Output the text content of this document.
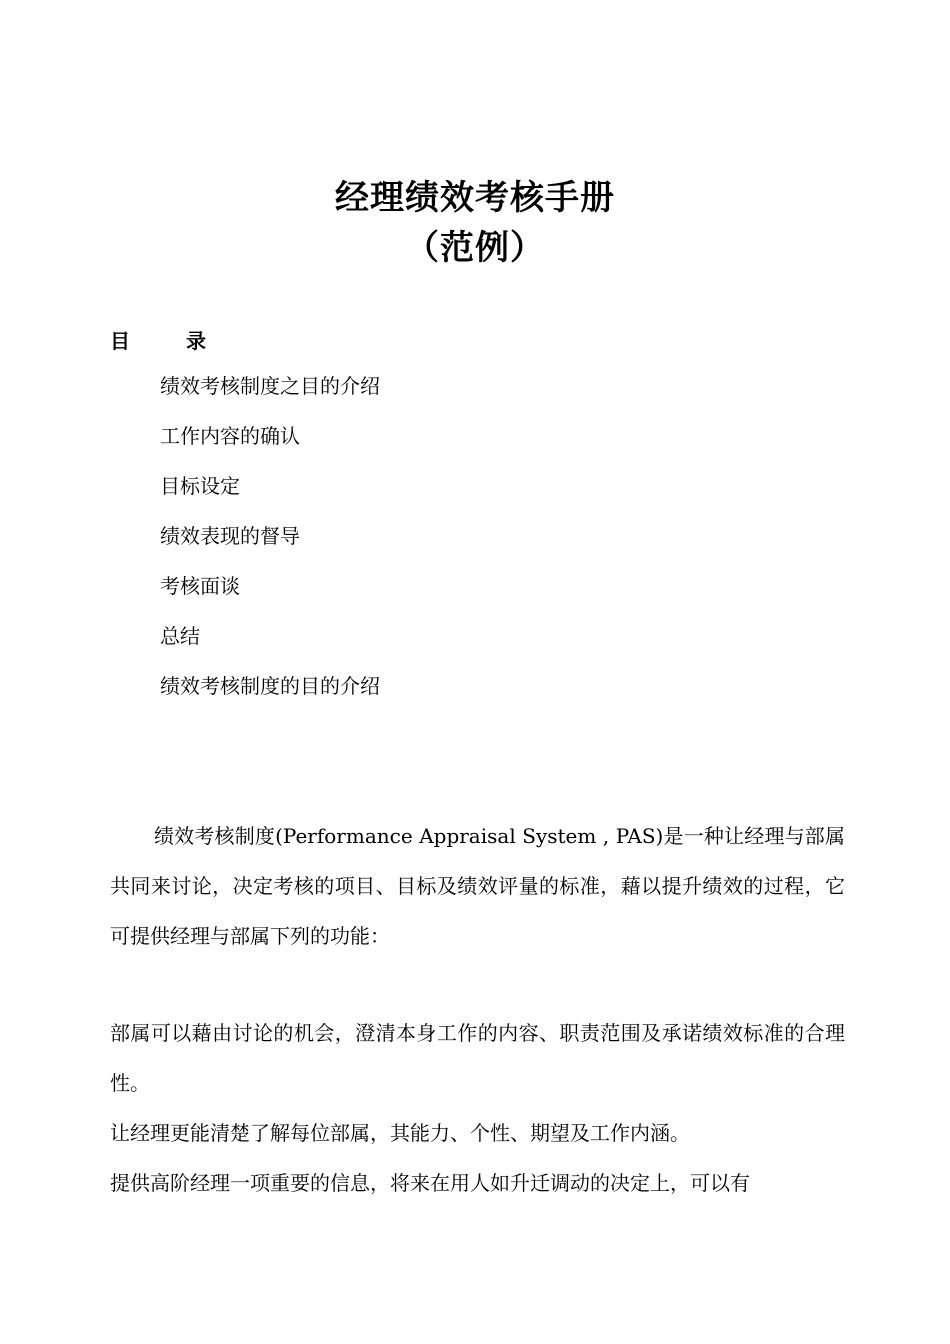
经理绩效考核手册
（范例）
目	录
绩效考核制度之目的介绍
工作内容的确认
目标设定
绩效表现的督导
考核面谈
总结
绩效考核制度的目的介绍

绩效考核制度(Performance Appraisal System , PAS)是一种让经理与部属共同来讨论，决定考核的项目、目标及绩效评量的标准，藉以提升绩效的过程，它可提供经理与部属下列的功能：

部属可以藉由讨论的机会，澄清本身工作的内容、职责范围及承诺绩效标准的合理性。

让经理更能清楚了解每位部属，其能力、个性、期望及工作内涵。

提供高阶经理一项重要的信息，将来在用人如升迁调动的决定上，可以有
